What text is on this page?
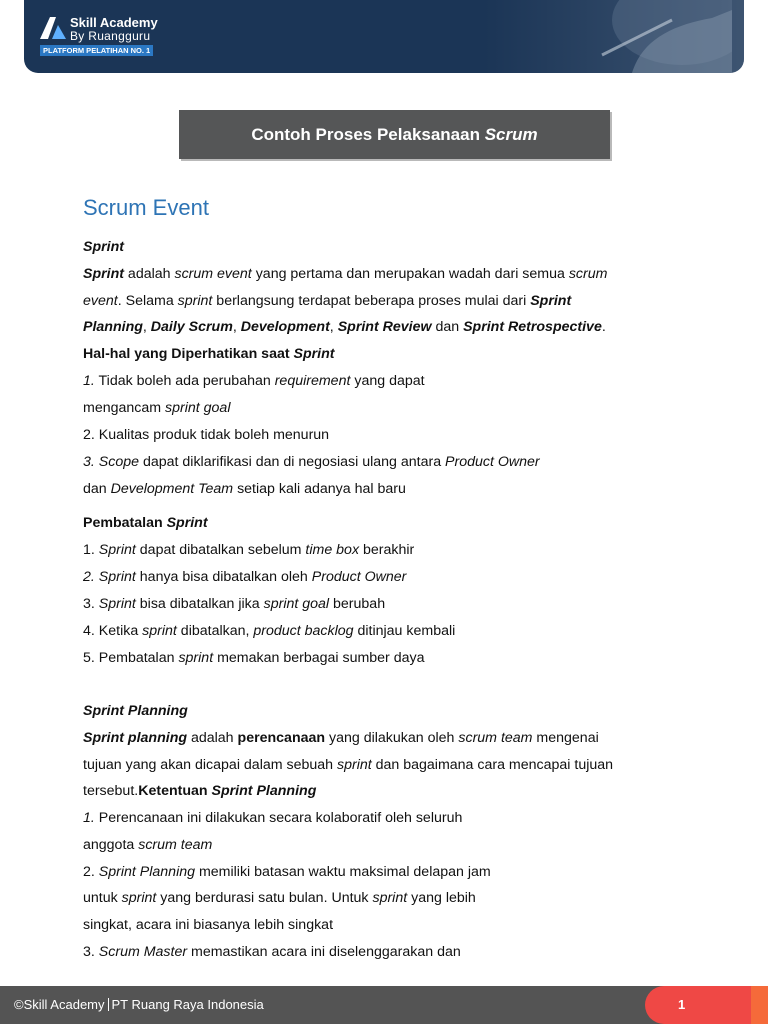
Skill Academy
By Ruangguru
PLATFORM PELATIHAN NO. 1
Contoh Proses Pelaksanaan Scrum
Scrum Event
Sprint
Sprint adalah scrum event yang pertama dan merupakan wadah dari semua scrum
event. Selama sprint berlangsung terdapat beberapa proses mulai dari Sprint
Planning, Daily Scrum, Development, Sprint Review dan Sprint Retrospective.
Hal-hal yang Diperhatikan saat Sprint
1. Tidak boleh ada perubahan requirement yang dapat
mengancam sprint goal
2. Kualitas produk tidak boleh menurun
3. Scope dapat diklarifikasi dan di negosiasi ulang antara Product Owner
dan Development Team setiap kali adanya hal baru
Pembatalan Sprint
1. Sprint dapat dibatalkan sebelum time box berakhir
2. Sprint hanya bisa dibatalkan oleh Product Owner
3. Sprint bisa dibatalkan jika sprint goal berubah
4. Ketika sprint dibatalkan, product backlog ditinjau kembali
5. Pembatalan sprint memakan berbagai sumber daya
Sprint Planning
Sprint planning adalah perencanaan yang dilakukan oleh scrum team mengenai
tujuan yang akan dicapai dalam sebuah sprint dan bagaimana cara mencapai tujuan
tersebut.Ketentuan Sprint Planning
1. Perencanaan ini dilakukan secara kolaboratif oleh seluruh
anggota scrum team
2. Sprint Planning memiliki batasan waktu maksimal delapan jam
untuk sprint yang berdurasi satu bulan. Untuk sprint yang lebih
singkat, acara ini biasanya lebih singkat
3. Scrum Master memastikan acara ini diselenggarakan dan
©Skill Academy PT Ruang Raya Indonesia	1
